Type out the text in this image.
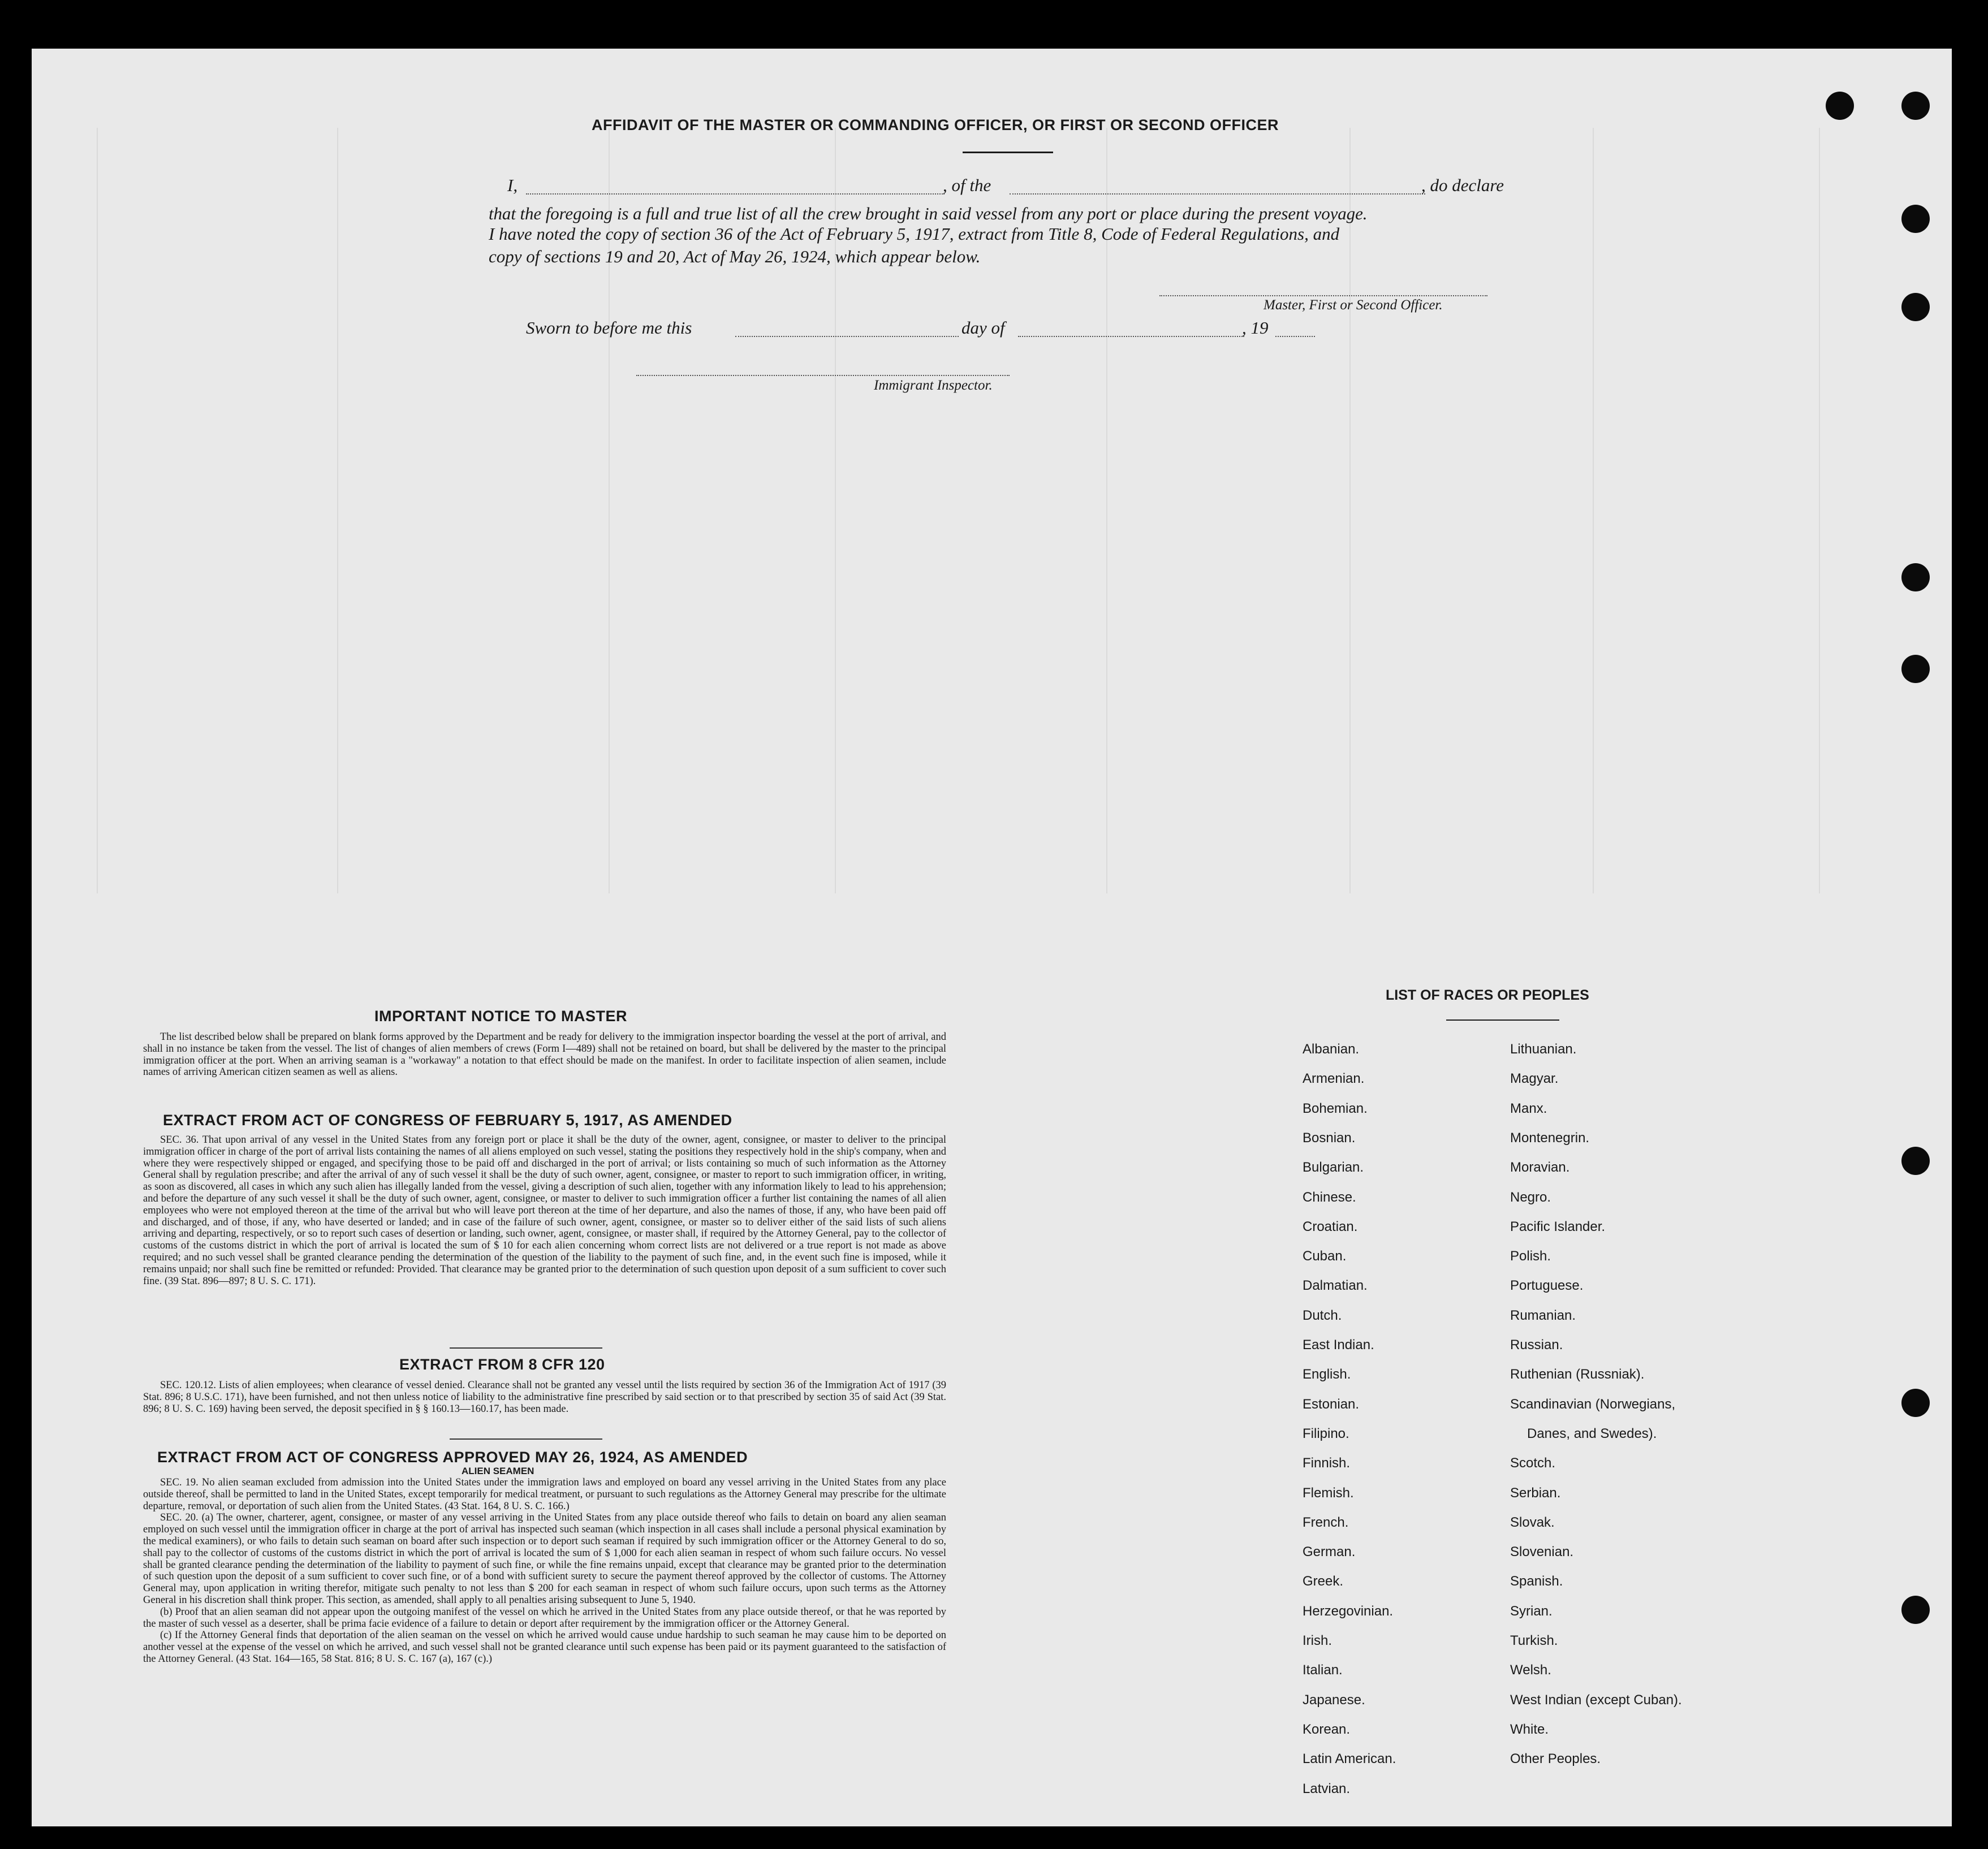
AFFIDAVIT OF THE MASTER OR COMMANDING OFFICER, OR FIRST OR SECOND OFFICER
I,	, of the	, do declare
that the foregoing is a full and true list of all the crew brought in said vessel from any port or place during the present voyage.
I have noted the copy of section 36 of the Act of February 5, 1917, extract from Title 8, Code of Federal Regulations, and
copy of sections 19 and 20, Act of May 26, 1924, which appear below.
Master, First or Second Officer.
Sworn to before me this	day of	, 19
Immigrant Inspector.
IMPORTANT NOTICE TO MASTER

The list described below shall be prepared on blank forms approved by the Department and be ready for delivery to the immigration inspector boarding the vessel at the port of arrival, and shall in no instance be taken from the vessel. The list of changes of alien members of crews (Form I—489) shall not be retained on board, but shall be delivered by the master to the principal immigration officer at the port. When an arriving seaman is a "workaway" a notation to that effect should be made on the manifest. In order to facilitate inspection of alien seamen, include names of arriving American citizen seamen as well as aliens.

EXTRACT FROM ACT OF CONGRESS OF FEBRUARY 5, 1917, AS AMENDED

SEC. 36. That upon arrival of any vessel in the United States from any foreign port or place it shall be the duty of the owner, agent, consignee, or master to deliver to the principal immigration officer in charge of the port of arrival lists containing the names of all aliens employed on such vessel, stating the positions they respectively hold in the ship's company, when and where they were respectively shipped or engaged, and specifying those to be paid off and discharged in the port of arrival; or lists containing so much of such information as the Attorney General shall by regulation prescribe; and after the arrival of any of such vessel it shall be the duty of such owner, agent, consignee, or master to report to such immigration officer, in writing, as soon as discovered, all cases in which any such alien has illegally landed from the vessel, giving a description of such alien, together with any information likely to lead to his apprehension; and before the departure of any such vessel it shall be the duty of such owner, agent, consignee, or master to deliver to such immigration officer a further list containing the names of all alien employees who were not employed thereon at the time of the arrival but who will leave port thereon at the time of her departure, and also the names of those, if any, who have been paid off and discharged, and of those, if any, who have deserted or landed; and in case of the failure of such owner, agent, consignee, or master so to deliver either of the said lists of such aliens arriving and departing, respectively, or so to report such cases of desertion or landing, such owner, agent, consignee, or master shall, if required by the Attorney General, pay to the collector of customs of the customs district in which the port of arrival is located the sum of $ 10 for each alien concerning whom correct lists are not delivered or a true report is not made as above required; and no such vessel shall be granted clearance pending the determination of the question of the liability to the payment of such fine, and, in the event such fine is imposed, while it remains unpaid; nor shall such fine be remitted or refunded: Provided. That clearance may be granted prior to the determination of such question upon deposit of a sum sufficient to cover such fine. (39 Stat. 896—897; 8 U. S. C. 171).

EXTRACT FROM 8 CFR 120

SEC. 120.12. Lists of alien employees; when clearance of vessel denied. Clearance shall not be granted any vessel until the lists required by section 36 of the Immigration Act of 1917 (39 Stat. 896; 8 U.S.C. 171), have been furnished, and not then unless notice of liability to the administrative fine prescribed by said section or to that prescribed by section 35 of said Act (39 Stat. 896; 8 U. S. C. 169) having been served, the deposit specified in § § 160.13—160.17, has been made.

EXTRACT FROM ACT OF CONGRESS APPROVED MAY 26, 1924, AS AMENDED
ALIEN SEAMEN

SEC. 19. No alien seaman excluded from admission into the United States under the immigration laws and employed on board any vessel arriving in the United States from any place outside thereof, shall be permitted to land in the United States, except temporarily for medical treatment, or pursuant to such regulations as the Attorney General may prescribe for the ultimate departure, removal, or deportation of such alien from the United States. (43 Stat. 164, 8 U. S. C. 166.)

SEC. 20. (a) The owner, charterer, agent, consignee, or master of any vessel arriving in the United States from any place outside thereof who fails to detain on board any alien seaman employed on such vessel until the immigration officer in charge at the port of arrival has inspected such seaman (which inspection in all cases shall include a personal physical examination by the medical examiners), or who fails to detain such seaman on board after such inspection or to deport such seaman if required by such immigration officer or the Attorney General to do so, shall pay to the collector of customs of the customs district in which the port of arrival is located the sum of $ 1,000 for each alien seaman in respect of whom such failure occurs. No vessel shall be granted clearance pending the determination of the liability to payment of such fine, or while the fine remains unpaid, except that clearance may be granted prior to the determination of such question upon the deposit of a sum sufficient to cover such fine, or of a bond with sufficient surety to secure the payment thereof approved by the collector of customs. The Attorney General may, upon application in writing therefor, mitigate such penalty to not less than $ 200 for each seaman in respect of whom such failure occurs, upon such terms as the Attorney General in his discretion shall think proper. This section, as amended, shall apply to all penalties arising subsequent to June 5, 1940.

(b) Proof that an alien seaman did not appear upon the outgoing manifest of the vessel on which he arrived in the United States from any place outside thereof, or that he was reported by the master of such vessel as a deserter, shall be prima facie evidence of a failure to detain or deport after requirement by the immigration officer or the Attorney General.

(c) If the Attorney General finds that deportation of the alien seaman on the vessel on which he arrived would cause undue hardship to such seaman he may cause him to be deported on another vessel at the expense of the vessel on which he arrived, and such vessel shall not be granted clearance until such expense has been paid or its payment guaranteed to the satisfaction of the Attorney General. (43 Stat. 164—165, 58 Stat. 816; 8 U. S. C. 167 (a), 167 (c).)

LIST OF RACES OR PEOPLES
Albanian.
Armenian.
Bohemian.
Bosnian.
Bulgarian.
Chinese.
Croatian.
Cuban.
Dalmatian.
Dutch.
East Indian.
English.
Estonian.
Filipino.
Finnish.
Flemish.
French.
German.
Greek.
Herzegovinian.
Irish.
Italian.
Japanese.
Korean.
Latin American.
Latvian.
Lithuanian.
Magyar.
Manx.
Montenegrin.
Moravian.
Negro.
Pacific Islander.
Polish.
Portuguese.
Rumanian.
Russian.
Ruthenian (Russniak).
Scandinavian (Norwegians,
Danes, and Swedes).
Scotch.
Serbian.
Slovak.
Slovenian.
Spanish.
Syrian.
Turkish.
Welsh.
West Indian (except Cuban).
White.
Other Peoples.
